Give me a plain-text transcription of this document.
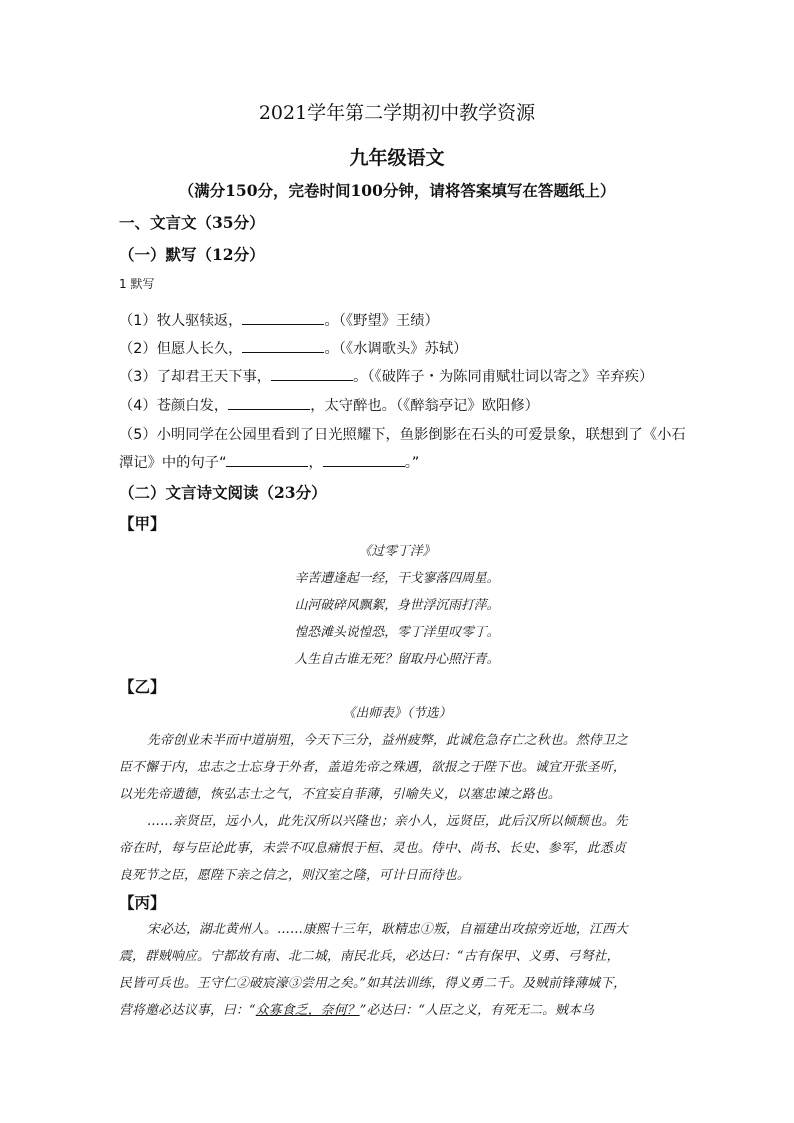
2021学年第二学期初中教学资源
九年级语文
（满分150分，完卷时间100分钟，请将答案填写在答题纸上）
一、文言文（35分）
（一）默写（12分）
1 默写
（1）牧人驱犊返，	。（《野望》王绩）
（2）但愿人长久，	。（《水调歌头》苏轼）
（3）了却君王天下事，	。（《破阵子・为陈同甫赋壮词以寄之》辛弃疾）
（4）苍颜白发，	，太守醉也。（《醉翁亭记》欧阳修）
（5）小明同学在公园里看到了日光照耀下，鱼影倒影在石头的可爱景象，联想到了《小石
潭记》中的句子“	，	。”
（二）文言诗文阅读（23分）
【甲】
《过零丁洋》
辛苦遭逢起一经，干戈寥落四周星。
山河破碎风飘絮，身世浮沉雨打萍。
惶恐滩头说惶恐，零丁洋里叹零丁。
人生自古谁无死？留取丹心照汗青。
【乙】
《出师表》（节选）
先帝创业未半而中道崩殂，今天下三分，益州疲弊，此诚危急存亡之秋也。然侍卫之
臣不懈于内，忠志之士忘身于外者，盖追先帝之殊遇，欲报之于陛下也。诚宜开张圣听，
以光先帝遗德，恢弘志士之气，不宜妄自菲薄，引喻失义，以塞忠谏之路也。
……亲贤臣，远小人，此先汉所以兴隆也；亲小人，远贤臣，此后汉所以倾颓也。先
帝在时，每与臣论此事，未尝不叹息痛恨于桓、灵也。侍中、尚书、长史、参军，此悉贞
良死节之臣，愿陛下亲之信之，则汉室之隆，可计日而待也。
【丙】
宋必达，湖北黄州人。……康熙十三年，耿精忠①叛，自福建出攻掠旁近地，江西大
震，群贼响应。宁都故有南、北二城，南民北兵，必达曰：“古有保甲、义勇、弓弩社，
民皆可兵也。王守仁②破宸濠③尝用之矣。”如其法训练，得义勇二千。及贼前锋薄城下，
营将邀必达议事，曰：“众寡食乏，奈何？”必达曰：“人臣之义，有死无二。贼本乌
